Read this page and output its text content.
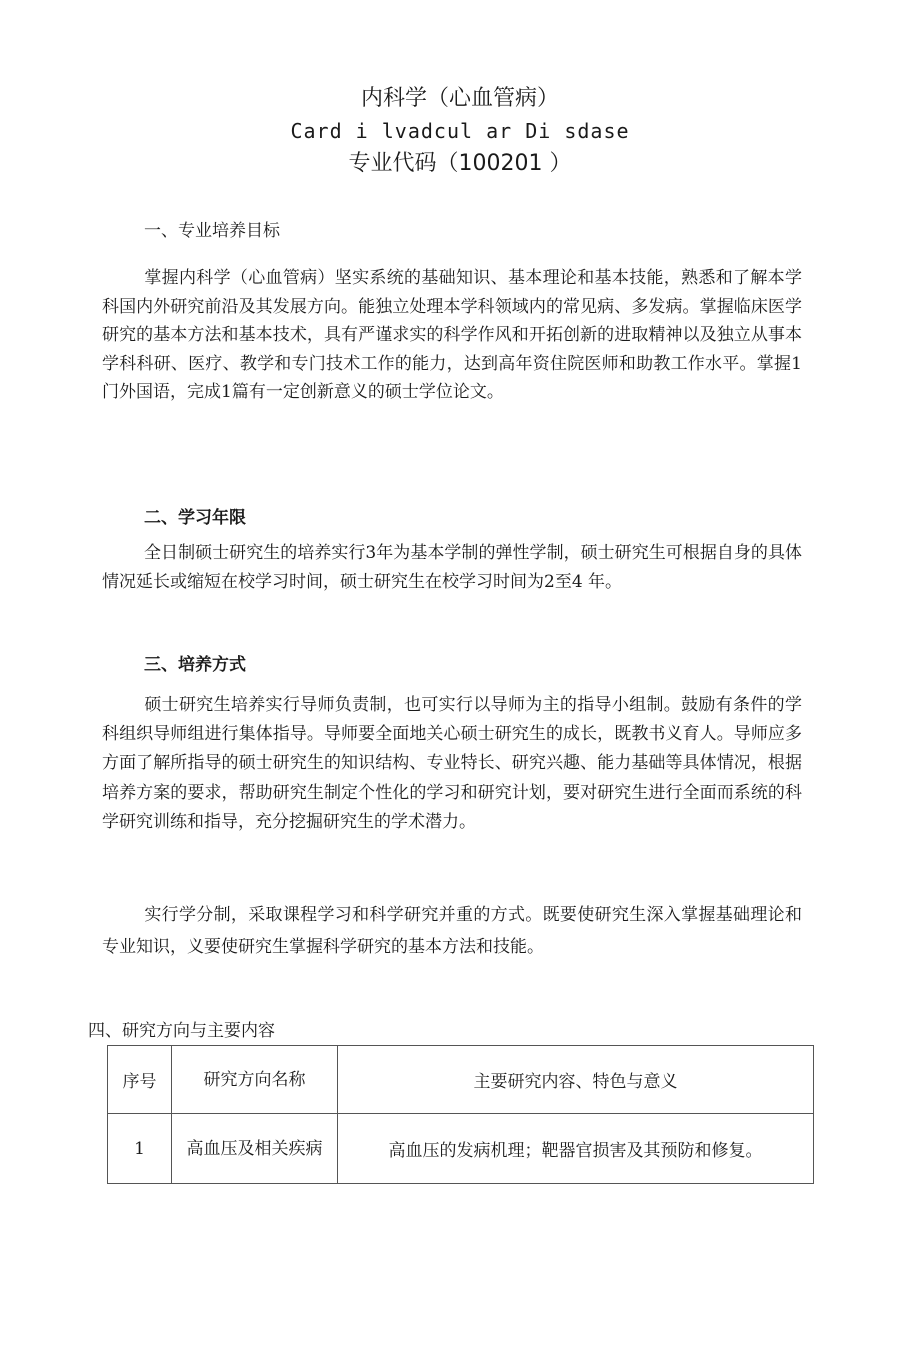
内科学（心血管病）

Card i lvadcul ar Di sdase

专业代码（100201 ）

一、专业培养目标

掌握内科学（心血管病）坚实系统的基础知识、基本理论和基本技能，熟悉和了解本学科国内外研究前沿及其发展方向。能独立处理本学科领域内的常见病、多发病。掌握临床医学研究的基本方法和基本技术，具有严谨求实的科学作风和开拓创新的进取精神以及独立从事本学科科研、医疗、教学和专门技术工作的能力，达到高年资住院医师和助教工作水平。掌握1门外国语，完成1篇有一定创新意义的硕士学位论文。

二、学习年限

全日制硕士研究生的培养实行3年为基本学制的弹性学制，硕士研究生可根据自身的具体情况延长或缩短在校学习时间，硕士研究生在校学习时间为2至4 年。

三、培养方式

硕士研究生培养实行导师负责制，也可实行以导师为主的指导小组制。鼓励有条件的学科组织导师组进行集体指导。导师要全面地关心硕士研究生的成长，既教书义育人。导师应多方面了解所指导的硕士研究生的知识结构、专业特长、研究兴趣、能力基础等具体情况，根据培养方案的要求，帮助研究生制定个性化的学习和研究计划，要对研究生进行全面而系统的科学研究训练和指导，充分挖掘研究生的学术潜力。

实行学分制，采取课程学习和科学研究并重的方式。既要使研究生深入掌握基础理论和专业知识，义要使研究生掌握科学研究的基本方法和技能。

四、研究方向与主要内容

序号	研究方向名称	主要研究内容、特色与意义
1	高血压及相关疾病	高血压的发病机理；靶器官损害及其预防和修复。
